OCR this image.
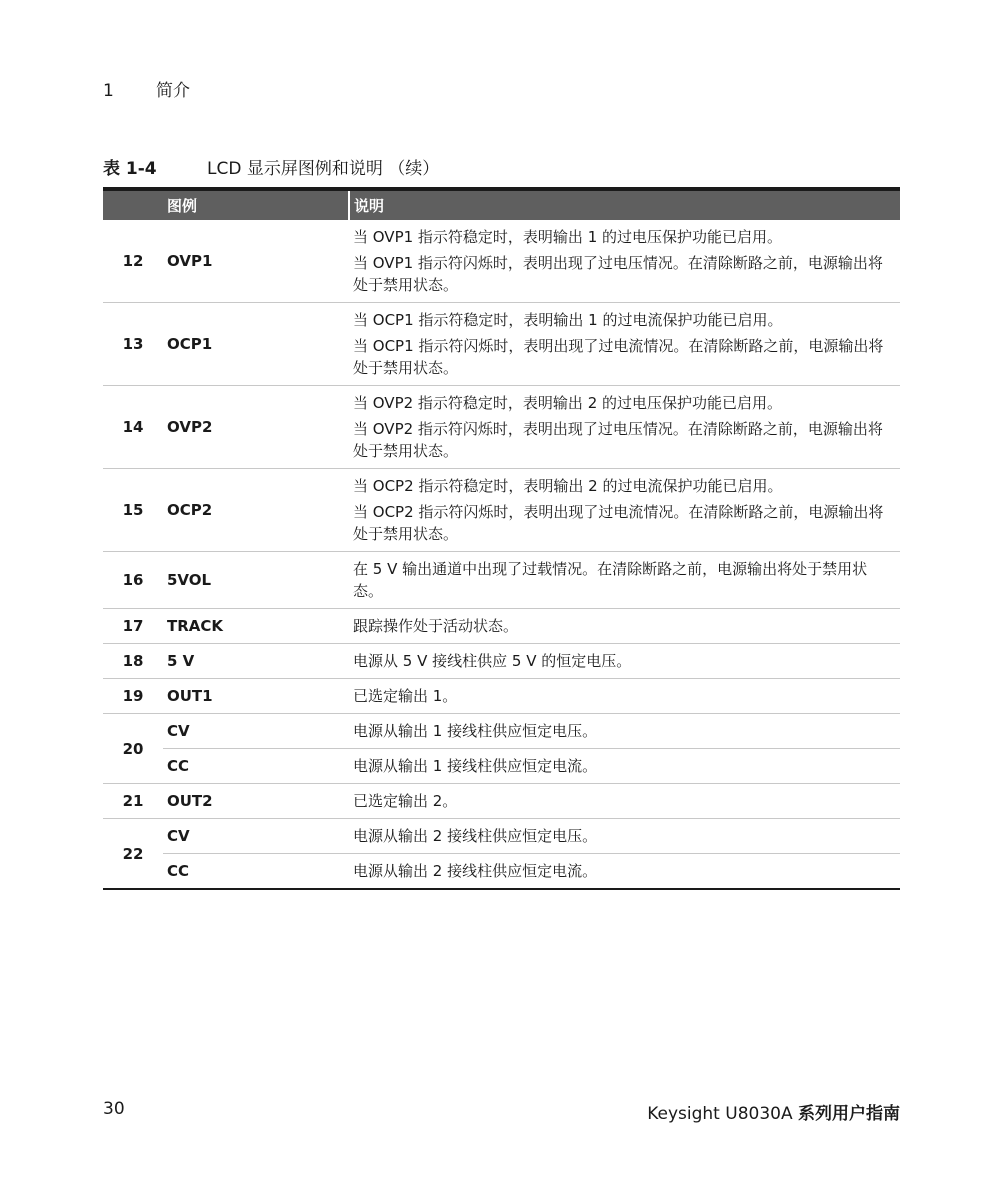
1 简介
表 1-4	LCD 显示屏图例和说明 （续）
	图例	说明
12	OVP1	当 OVP1 指示符稳定时，表明输出 1 的过电压保护功能已启用。
当 OVP1 指示符闪烁时，表明出现了过电压情况。在清除断路之前，电源输出将处于禁用状态。

13	OCP1	当 OCP1 指示符稳定时，表明输出 1 的过电流保护功能已启用。
当 OCP1 指示符闪烁时，表明出现了过电流情况。在清除断路之前，电源输出将处于禁用状态。

14	OVP2	当 OVP2 指示符稳定时，表明输出 2 的过电压保护功能已启用。
当 OVP2 指示符闪烁时，表明出现了过电压情况。在清除断路之前，电源输出将处于禁用状态。

15	OCP2	当 OCP2 指示符稳定时，表明输出 2 的过电流保护功能已启用。
当 OCP2 指示符闪烁时，表明出现了过电流情况。在清除断路之前，电源输出将处于禁用状态。

16	5VOL	在 5 V 输出通道中出现了过载情况。在清除断路之前，电源输出将处于禁用状态。

17	TRACK	跟踪操作处于活动状态。

18	5 V	电源从 5 V 接线柱供应 5 V 的恒定电压。

19	OUT1	已选定输出 1。

20	CV	电源从输出 1 接线柱供应恒定电压。

	CC	电源从输出 1 接线柱供应恒定电流。

21	OUT2	已选定输出 2。

22	CV	电源从输出 2 接线柱供应恒定电压。

	CC	电源从输出 2 接线柱供应恒定电流。
30	Keysight U8030A 系列用户指南
